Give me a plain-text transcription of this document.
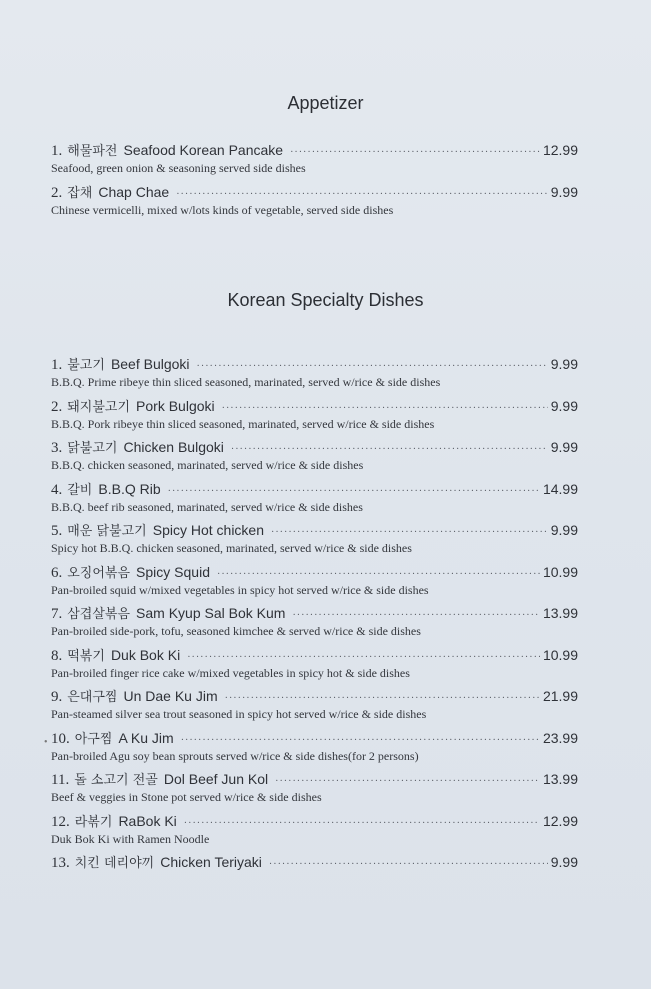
Appetizer
1. 해물파전 Seafood Korean Pancake ·····	12.99
Seafood, green onion & seasoning served side dishes
2. 잡채 Chap Chae ·····	9.99
Chinese vermicelli, mixed w/lots kinds of vegetable, served side dishes
Korean Specialty Dishes
•
1. 불고기 Beef Bulgoki ·····	9.99
B.B.Q. Prime ribeye thin sliced seasoned, marinated, served w/rice & side dishes
2. 돼지불고기 Pork Bulgoki ·····	9.99
B.B.Q. Pork ribeye thin sliced seasoned, marinated, served w/rice & side dishes
3. 닭불고기 Chicken Bulgoki ·····	9.99
B.B.Q. chicken seasoned, marinated, served w/rice & side dishes
4. 갈비 B.B.Q Rib ·····	14.99
B.B.Q. beef rib seasoned, marinated, served w/rice & side dishes
5. 매운 닭불고기 Spicy Hot chicken ·····	9.99
Spicy hot B.B.Q. chicken seasoned, marinated, served w/rice & side dishes
6. 오징어볶음 Spicy Squid ·····	10.99
Pan-broiled squid w/mixed vegetables in spicy hot served w/rice & side dishes
7. 삼겹살볶음 Sam Kyup Sal Bok Kum ·····	13.99
Pan-broiled side-pork, tofu, seasoned kimchee & served w/rice & side dishes
8. 떡볶기 Duk Bok Ki ·····	10.99
Pan-broiled finger rice cake w/mixed vegetables in spicy hot & side dishes
9. 은대구찜 Un Dae Ku Jim ·····	21.99
Pan-steamed silver sea trout seasoned in spicy hot served w/rice & side dishes
10. 아구찜 A Ku Jim ·····	23.99
Pan-broiled Agu soy bean sprouts served w/rice & side dishes(for 2 persons)
11. 돌 소고기 전골 Dol Beef Jun Kol ·····	13.99
Beef & veggies in Stone pot served w/rice & side dishes
12. 라볶기 RaBok Ki ·····	12.99
Duk Bok Ki with Ramen Noodle
13. 치킨 데리야끼 Chicken Teriyaki ·····	9.99
